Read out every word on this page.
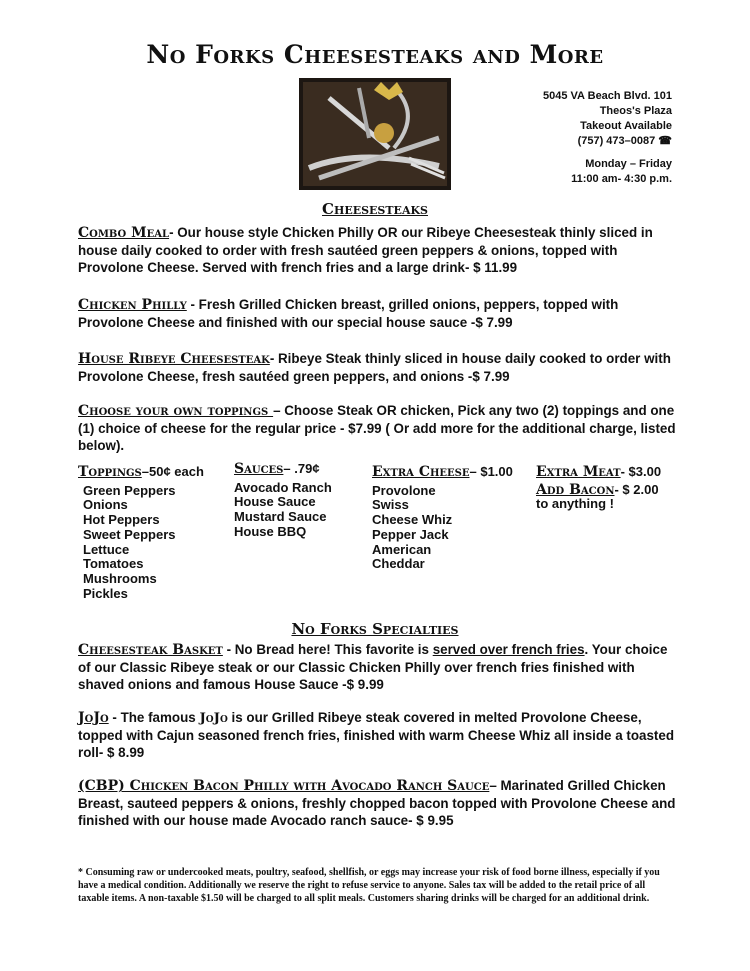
No Forks Cheesesteaks and More
5045 VA Beach Blvd. 101
Theos's Plaza
Takeout Available
(757) 473–0087 ☎
Monday – Friday
11:00 am- 4:30 p.m.
Cheesesteaks
Combo Meal- Our house style Chicken Philly OR our Ribeye Cheesesteak thinly sliced in house daily cooked to order with fresh sautéed green peppers & onions, topped with Provolone Cheese. Served with french fries and a large drink- $ 11.99
Chicken Philly - Fresh Grilled Chicken breast, grilled onions, peppers, topped with Provolone Cheese and finished with our special house sauce -$ 7.99
House Ribeye Cheesesteak- Ribeye Steak thinly sliced in house daily cooked to order with Provolone Cheese, fresh sautéed green peppers, and onions -$ 7.99
Choose your own toppings – Choose Steak OR chicken, Pick any two (2) toppings and one (1) choice of cheese for the regular price - $7.99 ( Or add more for the additional charge, listed below).
Toppings–50¢ each
Green Peppers
Onions
Hot Peppers
Sweet Peppers
Lettuce
Tomatoes
Mushrooms
Pickles
Sauces– .79¢
Avocado Ranch
House Sauce
Mustard Sauce
House BBQ
Extra Cheese– $1.00
Provolone
Swiss
Cheese Whiz
Pepper Jack
American
Cheddar
Extra Meat- $3.00
Add Bacon- $ 2.00
to anything !
No Forks Specialties
Cheesesteak Basket - No Bread here! This favorite is served over french fries. Your choice of our Classic Ribeye steak or our Classic Chicken Philly over french fries finished with shaved onions and famous House Sauce -$ 9.99
JoJo - The famous JoJo is our Grilled Ribeye steak covered in melted Provolone Cheese, topped with Cajun seasoned french fries, finished with warm Cheese Whiz all inside a toasted roll- $ 8.99
(CBP) Chicken Bacon Philly with Avocado Ranch Sauce– Marinated Grilled Chicken Breast, sauteed peppers & onions, freshly chopped bacon topped with Provolone Cheese and finished with our house made Avocado ranch sauce- $ 9.95
* Consuming raw or undercooked meats, poultry, seafood, shellfish, or eggs may increase your risk of food borne illness, especially if you have a medical condition. Additionally we reserve the right to refuse service to anyone. Sales tax will be added to the retail price of all taxable items. A non-taxable $1.50 will be charged to all split meals. Customers sharing drinks will be charged for an additional drink.
